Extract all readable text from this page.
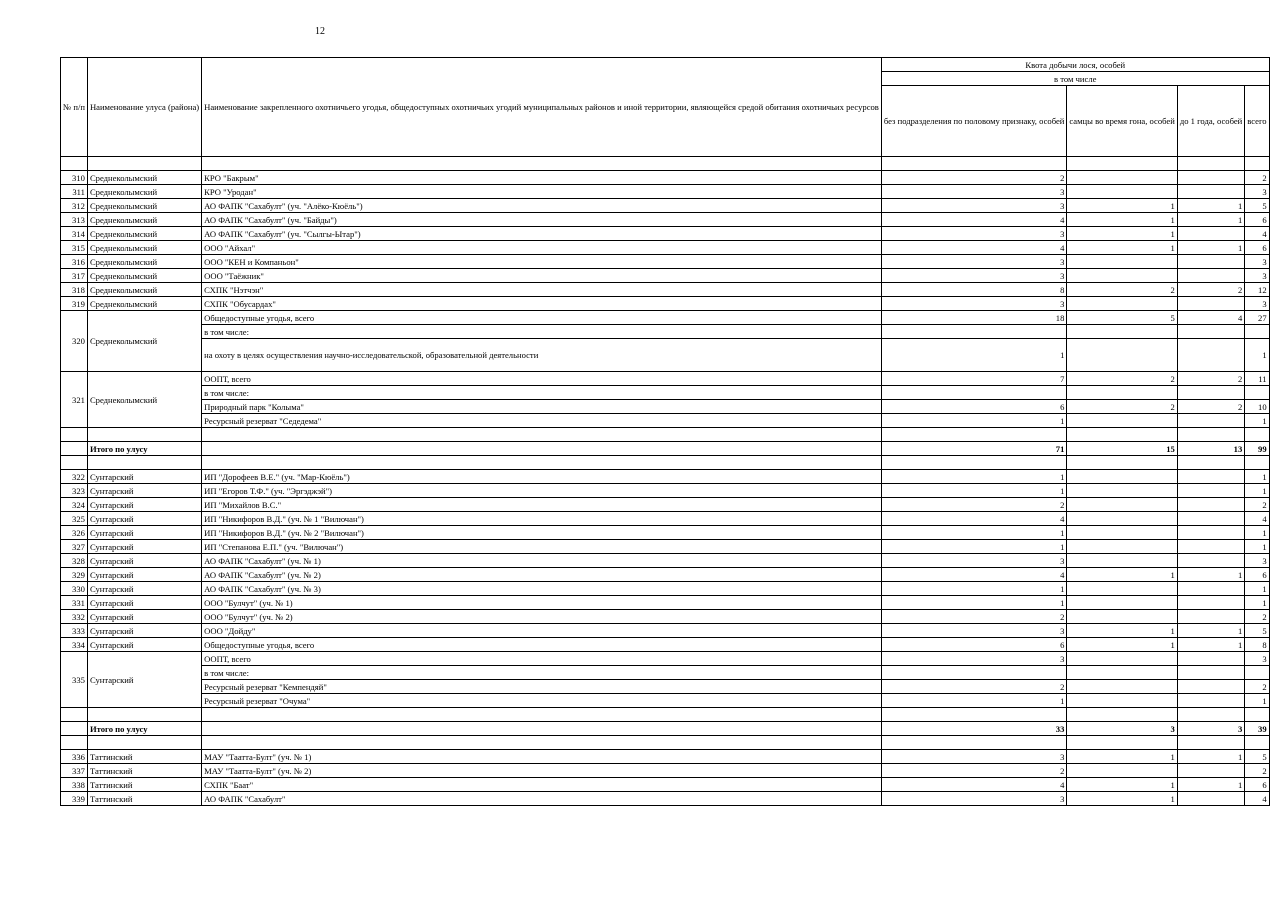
12
№ п/п	Наименование улуса (района)	Наименование закрепленного охотничьего угодья, общедоступных охотничьих угодий муниципальных районов и иной территории, являющейся средой обитания охотничьих ресурсов	Квота добычи лося, особей			
			в том числе			
			без подразделения по половому признаку, особей	самцы во время гона, особей	до 1 года, особей	всего

310	Среднеколымский	КРО "Бакрым"	2			2
311	Среднеколымский	КРО "Уродан"	3			3
312	Среднеколымский	АО ФАПК "Сахабулт" (уч. "Алёко-Кюёль")	3	1	1	5
313	Среднеколымский	АО ФАПК "Сахабулт" (уч. "Байды")	4	1	1	6
314	Среднеколымский	АО ФАПК "Сахабулт" (уч. "Сылгы-Ытар")	3	1		4
315	Среднеколымский	ООО "Айхал"	4	1	1	6
316	Среднеколымский	ООО "КЕН и Компаньон"	3			3
317	Среднеколымский	ООО "Таёжник"	3			3
318	Среднеколымский	СХПК "Нэтчэн"	8	2	2	12
319	Среднеколымский	СХПК "Обусардах"	3			3
320	Среднеколымский	Общедоступные угодья, всего	18	5	4	27
		в том числе:				
		на охоту в целях осуществления научно-исследовательской, образовательной деятельности	1			1
321	Среднеколымский	ООПТ, всего	7	2	2	11
		в том числе:				
		Природный парк "Колыма"	6	2	2	10
		Ресурсный резерват "Седедема"	1			1

	Итого по улусу		71	15	13	99

322	Сунтарский	ИП "Дорофеев В.Е." (уч. "Мар-Кюёль")	1			1
323	Сунтарский	ИП "Егоров Т.Ф." (уч. "Эргэджэй")	1			1
324	Сунтарский	ИП "Михайлов В.С."	2			2
325	Сунтарский	ИП "Никифоров В.Д." (уч. № 1 "Вилючан")	4			4
326	Сунтарский	ИП "Никифоров В.Д." (уч. № 2 "Вилючан")	1			1
327	Сунтарский	ИП "Степанова Е.П." (уч. "Вилючан")	1			1
328	Сунтарский	АО ФАПК "Сахабулт" (уч. № 1)	3			3
329	Сунтарский	АО ФАПК "Сахабулт" (уч. № 2)	4	1	1	6
330	Сунтарский	АО ФАПК "Сахабулт" (уч. № 3)	1			1
331	Сунтарский	ООО "Булчут" (уч. № 1)	1			1
332	Сунтарский	ООО "Булчут" (уч. № 2)	2			2
333	Сунтарский	ООО "Дойду"	3	1	1	5
334	Сунтарский	Общедоступные угодья, всего	6	1	1	8
335	Сунтарский	ООПТ, всего	3			3
		в том числе:				
		Ресурсный резерват "Кемпендяй"	2			2
		Ресурсный резерват "Очума"	1			1

	Итого по улусу		33	3	3	39

336	Таттинский	МАУ "Таатта-Булт" (уч. № 1)	3	1	1	5
337	Таттинский	МАУ "Таатта-Булт" (уч. № 2)	2			2
338	Таттинский	СХПК "Баат"	4	1	1	6
339	Таттинский	АО ФАПК "Сахабулт"	3	1		4
